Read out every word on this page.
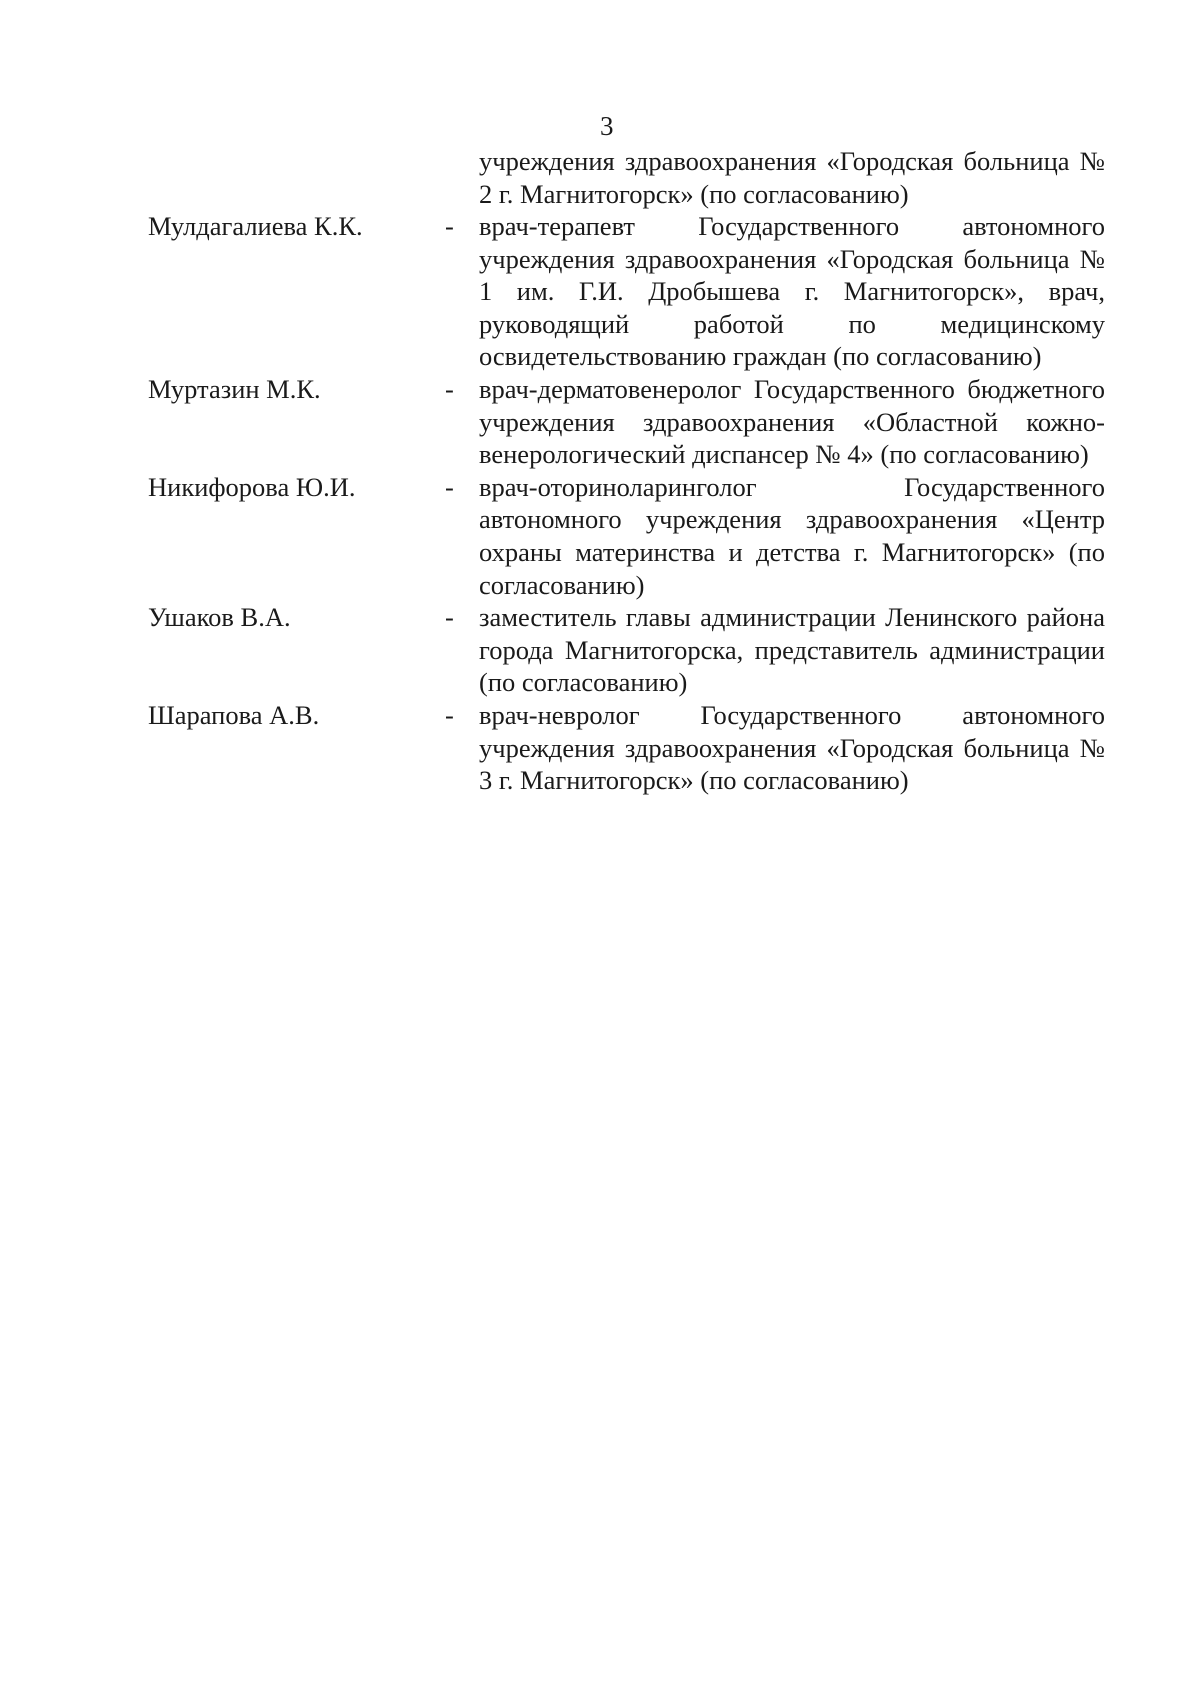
3
учреждения здравоохранения «Городская больница № 2 г. Магнитогорск» (по согласованию)
Мулдагалиева К.К.	- врач-терапевт Государственного автономного учреждения здравоохранения «Городская больница № 1 им. Г.И. Дробышева г. Магнитогорск», врач, руководящий работой по медицинскому освидетельствованию граждан (по согласованию)
Муртазин М.К.	- врач-дерматовенеролог Государственного бюджетного учреждения здравоохранения «Областной кожно-венерологический диспансер № 4» (по согласованию)
Никифорова Ю.И.	- врач-оториноларинголог Государственного автономного учреждения здравоохранения «Центр охраны материнства и детства г. Магнитогорск» (по согласованию)
Ушаков В.А.	- заместитель главы администрации Ленинского района города Магнитогорска, представитель администрации (по согласованию)
Шарапова А.В.	- врач-невролог Государственного автономного учреждения здравоохранения «Городская больница № 3 г. Магнитогорск» (по согласованию)
